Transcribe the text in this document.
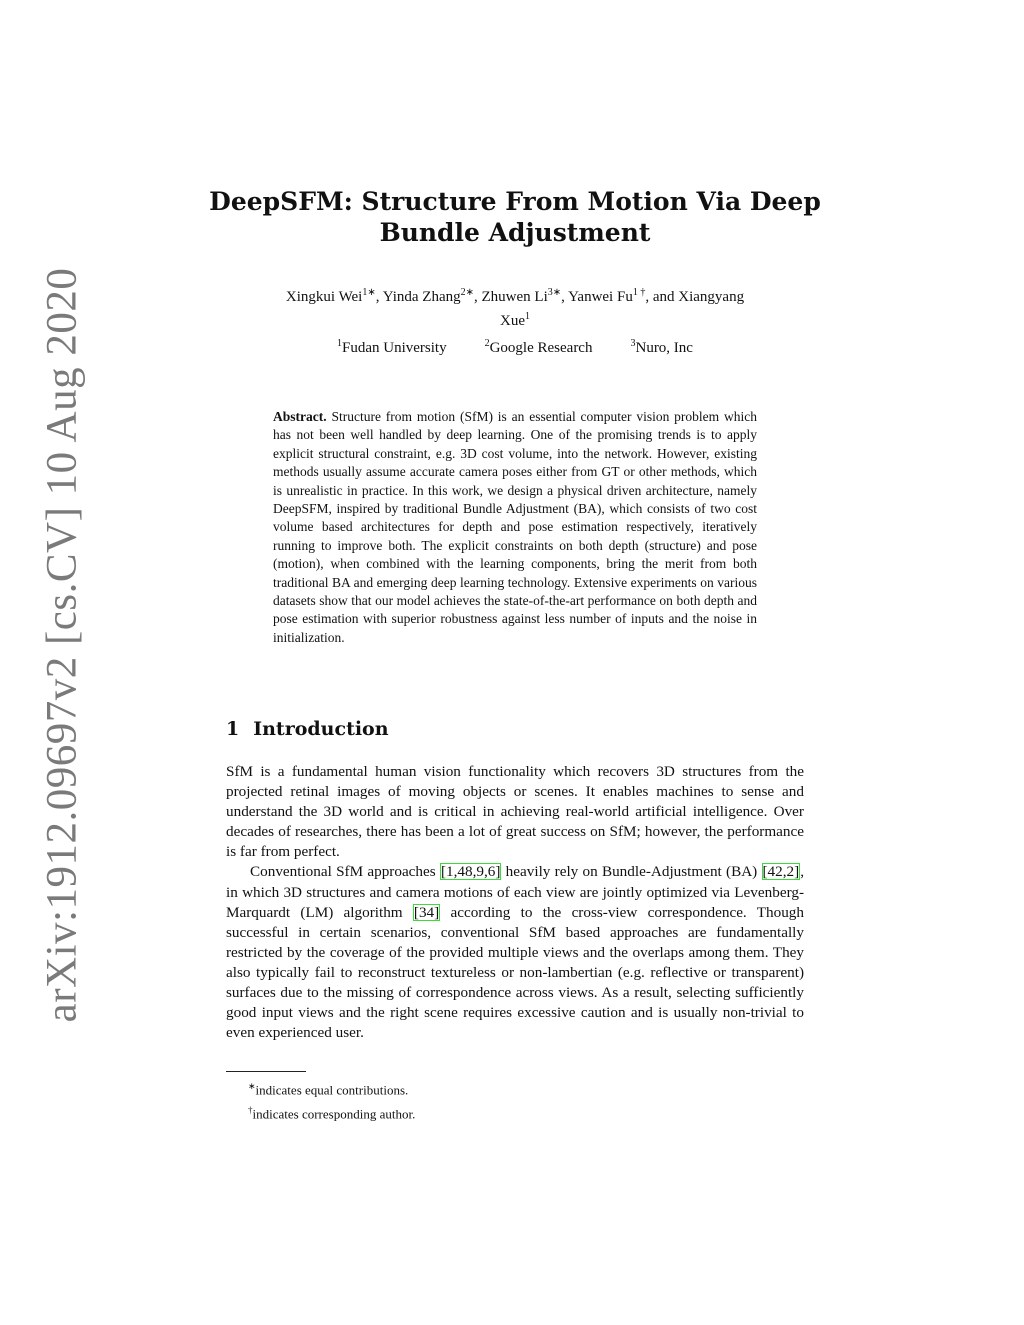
arXiv:1912.09697v2 [cs.CV] 10 Aug 2020
DeepSFM: Structure From Motion Via Deep Bundle Adjustment
Xingkui Wei$^{1∗}$, Yinda Zhang$^{2∗}$, Zhuwen $Li^{3∗}$, Yanwei $Fu^{1 \dagger}$, and Xiangyang
Xue$^1$
$^1$Fudan University	$^2$Google Research	$^3$Nuro, Inc
Abstract. Structure from motion (SfM) is an essential computer vision problem which has not been well handled by deep learning. One of the promising trends is to apply explicit structural constraint, e.g. 3D cost volume, into the network. However, existing methods usually assume accurate camera poses either from GT or other methods, which is unrealistic in practice. In this work, we design a physical driven architecture, namely DeepSFM, inspired by traditional Bundle Adjustment (BA), which consists of two cost volume based architectures for depth and pose estimation respectively, iteratively running to improve both. The explicit constraints on both depth (structure) and pose (motion), when combined with the learning components, bring the merit from both traditional BA and emerging deep learning technology. Extensive experiments on various datasets show that our model achieves the state-of-the-art performance on both depth and pose estimation with superior robustness against less number of inputs and the noise in initialization.
1 Introduction

SfM is a fundamental human vision functionality which recovers 3D structures from the projected retinal images of moving objects or scenes. It enables machines to sense and understand the 3D world and is critical in achieving real-world artificial intelligence. Over decades of researches, there has been a lot of great success on SfM; however, the performance is far from perfect.

Conventional SfM approaches [1,48,9,6] heavily rely on Bundle-Adjustment (BA) [42,2], in which 3D structures and camera motions of each view are jointly optimized via Levenberg-Marquardt (LM) algorithm [34] according to the cross-view correspondence. Though successful in certain scenarios, conventional SfM based approaches are fundamentally restricted by the coverage of the provided multiple views and the overlaps among them. They also typically fail to reconstruct textureless or non-lambertian (e.g. reflective or transparent) surfaces due to the missing of correspondence across views. As a result, selecting sufficiently good input views and the right scene requires excessive caution and is usually non-trivial to even experienced user.

∗indicates equal contributions.
†indicates corresponding author.
